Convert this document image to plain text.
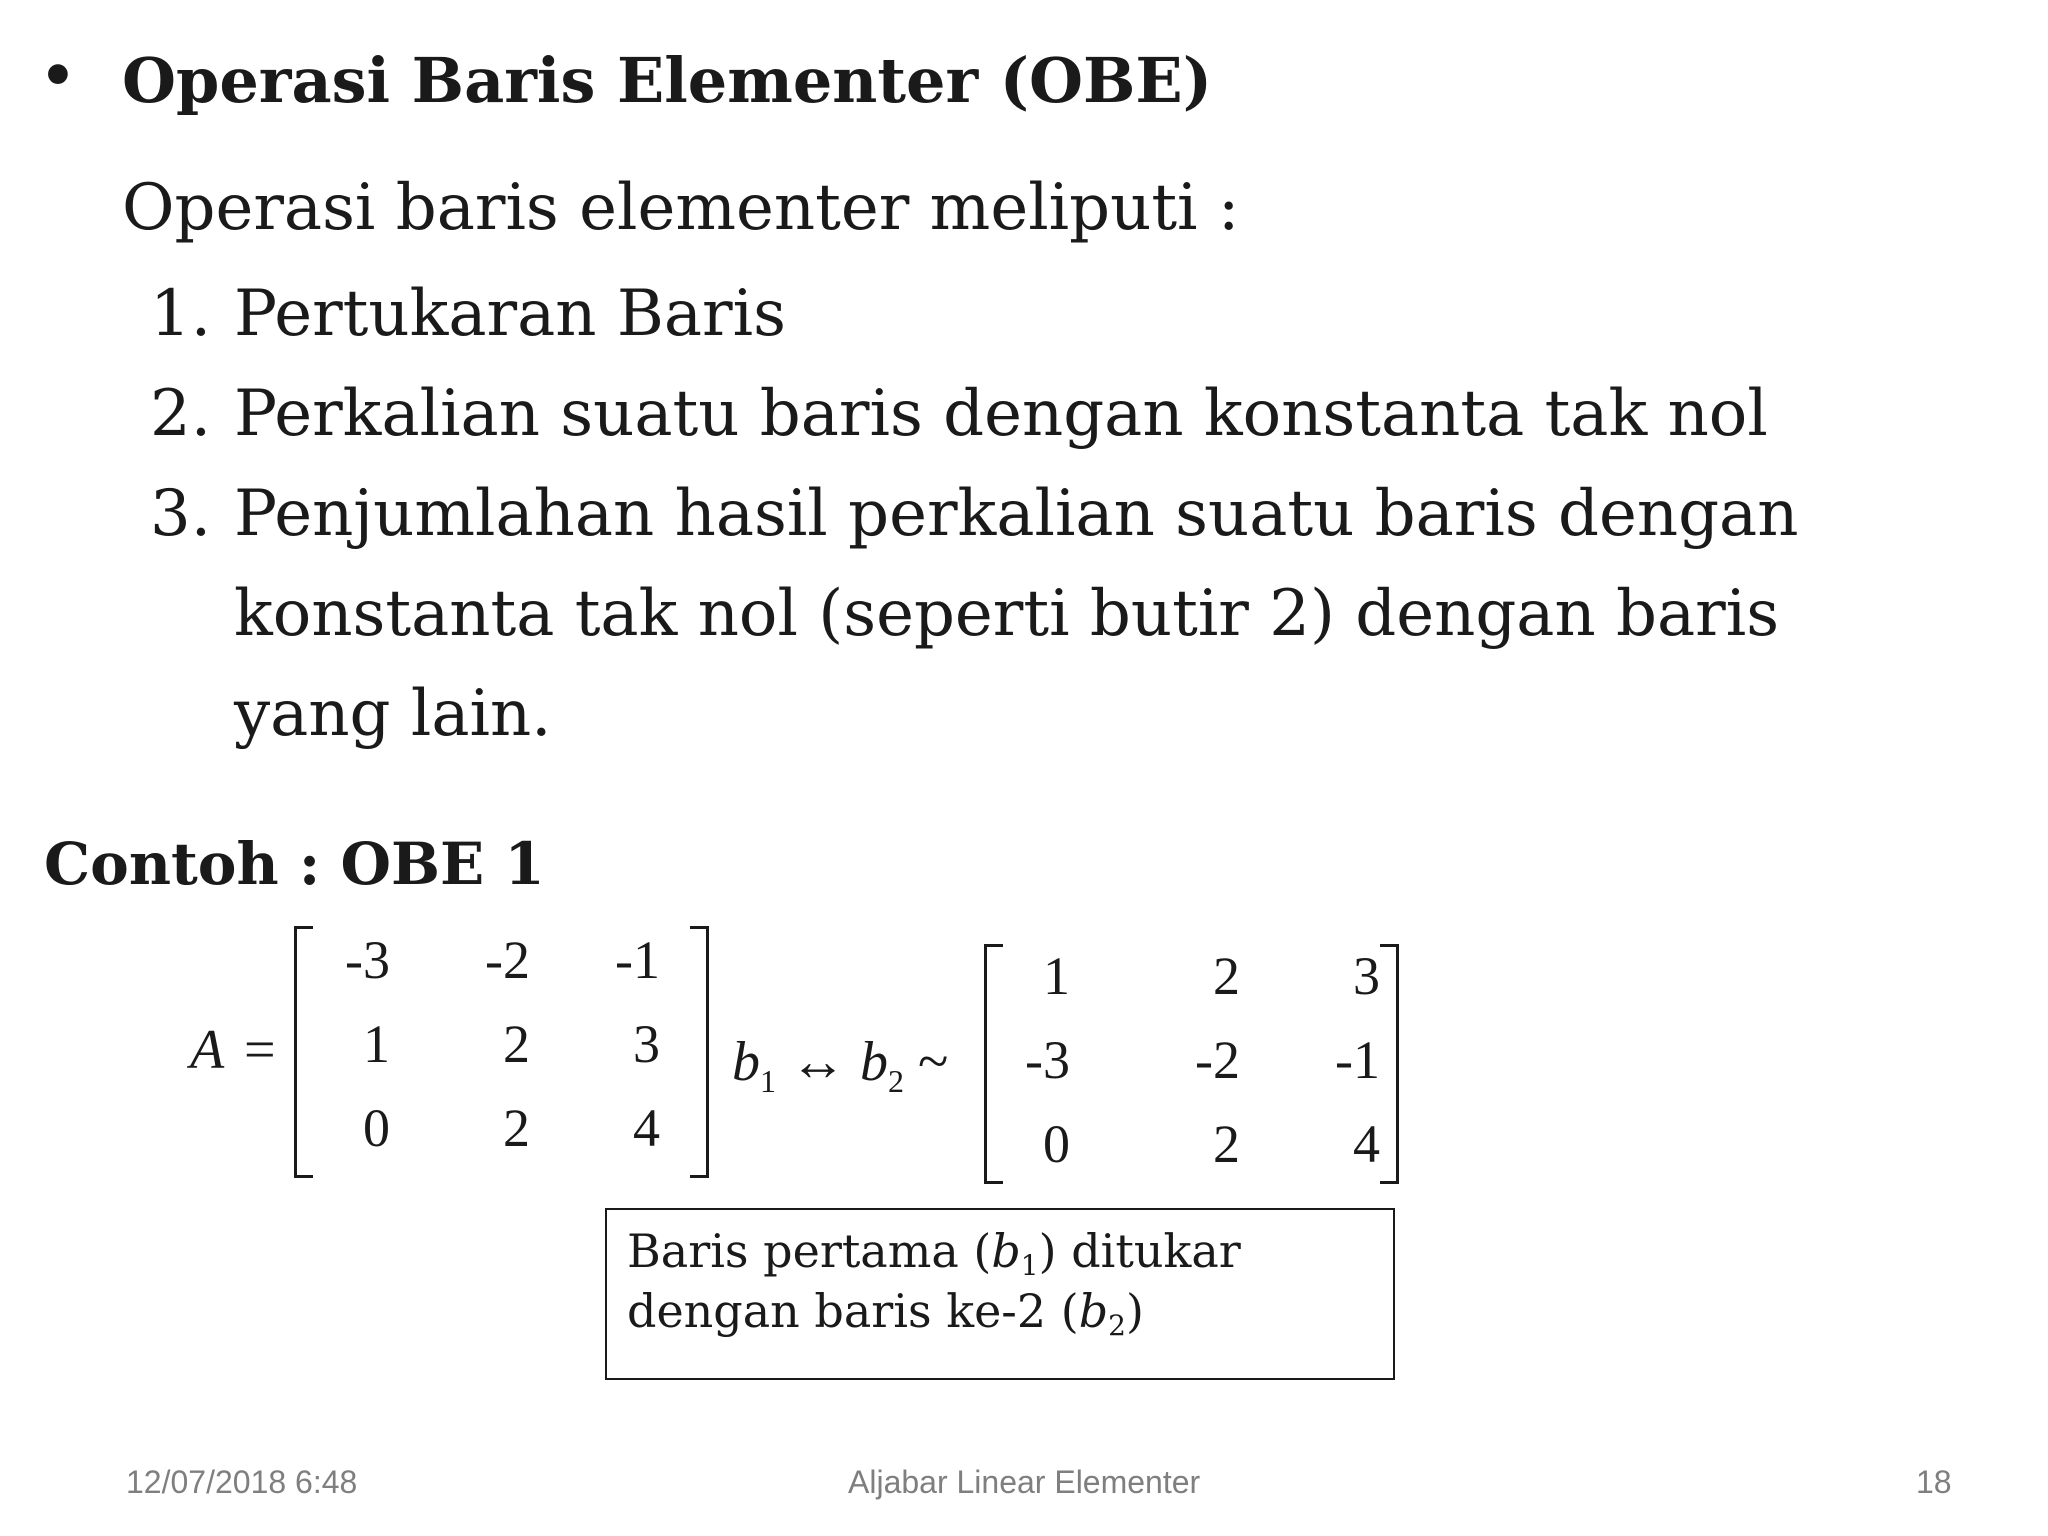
• Operasi Baris Elementer (OBE)
Operasi baris elementer meliputi :
1. Pertukaran Baris
2. Perkalian suatu baris dengan konstanta tak nol
3. Penjumlahan hasil perkalian suatu baris dengan
konstanta tak nol (seperti butir 2) dengan baris
yang lain.
Contoh : OBE 1
A =
-3	-2	-1
1	2	3
0	2	4
$b_1$ ↔ $b_2$ ~
1	2	3
-3	-2	-1
0	2	4
Baris pertama $(b_1)$ ditukar
dengan baris ke-2 $(b_2)$
12/07/2018 6:48	Aljabar Linear Elementer	18
